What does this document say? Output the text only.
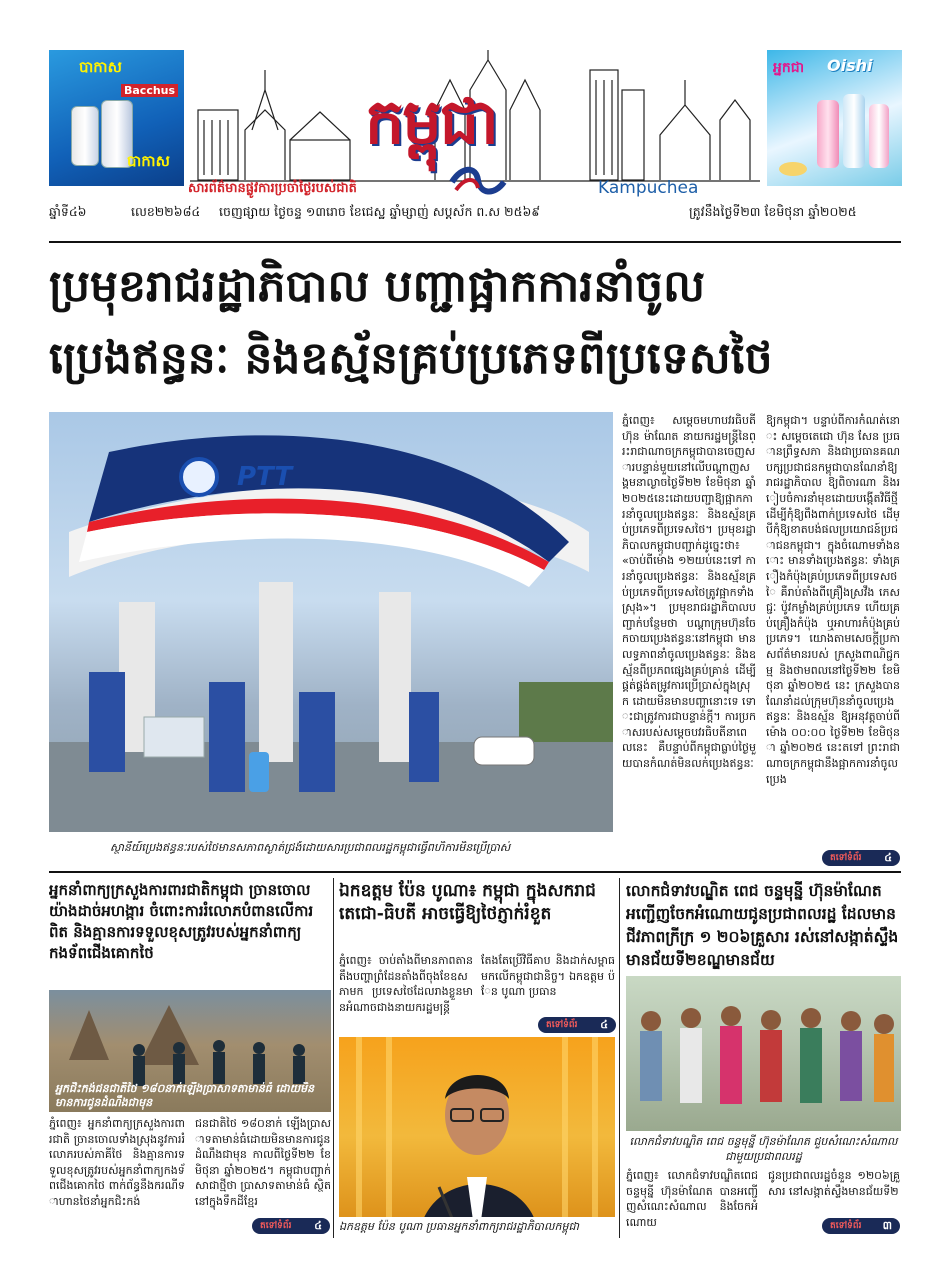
បាកាស
Bacchus
បាកាស
អ្នកជា Oishi
កម្ពុជា
សារព័ត៌មានផ្លូវការប្រចាំថ្ងៃរបស់ជាតិ	Kampuchea
ឆ្នាំទី៤៦	លេខ២២៦៨៤ ចេញផ្សាយ ថ្ងៃចន្ទ ១៣រោច ខែជេស្ឋ ឆ្នាំម្សាញ់ សប្តស័ក ព.ស ២៥៦៩	ត្រូវនឹងថ្ងៃទី២៣ ខែមិថុនា ឆ្នាំ២០២៥
ប្រមុខរាជរដ្ឋាភិបាល បញ្ជាផ្អាកការនាំចូល
ប្រេងឥន្ធនៈ និងឧស្ម័នគ្រប់ប្រភេទពីប្រទេសថៃ
PTT
ស្ថានីយ៍ប្រេងឥន្ធនៈរបស់ថៃមានសភាពស្ងាត់ជ្រងំដោយសារប្រជាពលរដ្ឋកម្ពុជាធ្វើពហិការមិនប្រើប្រាស់
ភ្នំពេញ៖ សម្តេចមហាបវរធិបតី ហ៊ុន ម៉ាណែត នាយករដ្ឋមន្ត្រីនៃព្រះរាជាណាចក្រកម្ពុជាបានចេញសារបន្ទាន់មួយនៅលើបណ្តាញសង្គមនាល្ងាចថ្ងៃទី២២ ខែមិថុនា ឆ្នាំ២០២៥នេះដោយបញ្ជាឱ្យផ្អាកការនាំចូលប្រេងឥន្ធនៈ និងឧស្ម័នគ្រប់ប្រភេទពីប្រទេសថៃ។ ប្រមុខរដ្ឋាភិបាលកម្ពុជាបញ្ជាក់ដូច្នេះថា៖ «ចាប់ពីម៉ោង ១២យប់នេះទៅ ការនាំចូលប្រេងឥន្ធនៈ និងឧស្ម័នគ្រប់ប្រភេទពីប្រទេសថៃត្រូវផ្អាកទាំងស្រុង»។ ប្រមុខរាជរដ្ឋាភិបាលបញ្ជាក់បន្ថែមថា បណ្តាក្រុមហ៊ុនចែកចាយប្រេងឥន្ធនៈនៅកម្ពុជា មានលទ្ធភាពនាំចូលប្រេងឥន្ធនៈ និងឧស្ម័នពីប្រភពផ្សេងគ្រប់គ្រាន់ ដើម្បីផ្គត់ផ្គង់តម្រូវការប្រើប្រាស់ក្នុងស្រុក ដោយមិនមានបញ្ហានោះទេ ទោះជាត្រូវការជាបន្ទាន់ក្តី។ ការប្រកាសរបស់សម្តេចបវរធិបតីនាពេលនេះ គឺបន្ទាប់ពីកម្ពុជាធ្លាប់ថ្ងៃមួយបានកំណត់មិនលក់ប្រេងឥន្ធនៈ
ឱ្យកម្ពុជា។ បន្ទាប់ពីការកំណត់នោះ សម្តេចតេជោ ហ៊ុន សែន ប្រធានព្រឹទ្ធសភា និងជាប្រធានគណបក្សប្រជាជនកម្ពុជាបានណែនាំឱ្យរាជរដ្ឋាភិបាល ឱ្យពិចារណា និងរៀបចំការនាំមុខដោយបង្កើតវិធីថ្មី ដើម្បីកុំឱ្យពឹងពាក់ប្រទេសថៃ ដើម្បីកុំឱ្យខាតបង់ផលប្រយោជន៍ប្រជាជនកម្ពុជា។ ក្នុងចំណោមទាំងនោះ មានទាំងប្រេងឥន្ធនៈ ទាំងគ្រឿងកំប៉ុងគ្រប់ប្រភេទពីប្រទេសថៃ គឺរាប់តាំងពីគ្រឿងស្រវឹង ភេសជ្ជៈ ប៉ូវកម្លាំងគ្រប់ប្រភេទ ហើយគ្រប់គ្រឿងកំប៉ុង ឬអាហារកំប៉ុងគ្រប់ប្រភេទ។ យោងតាមសេចក្តីប្រកាសព័ត៌មានរបស់ ក្រសួងពាណិជ្ជកម្ម និងថាមពលនៅថ្ងៃទី២២ ខែមិថុនា ឆ្នាំ២០២៥ នេះ ក្រសួងបានណែនាំដល់ក្រុមហ៊ុននាំចូលប្រេងឥន្ធនៈ និងឧស្ម័ន ឱ្យអនុវត្តចាប់ពីម៉ោង ០០:០០ ថ្ងៃទី២២ ខែមិថុនា ឆ្នាំ២០២៥ នេះតទៅ ព្រះរាជាណាចក្រកម្ពុជានឹងផ្អាកការនាំចូលប្រេង
តទៅទំព័រ ៤
អ្នកនាំពាក្យក្រសួងការពារជាតិកម្ពុជា ច្រានចោលយ៉ាងដាច់អហង្ការ ចំពោះការរំលោភបំពានលើការពិត និងគ្មានការទទួលខុសត្រូវរបស់អ្នកនាំពាក្យកងទ័ពជើងគោកថៃ
អ្នកជិះកង់ជនជាតិថៃ ១៨០នាក់ឡើងប្រាសាទតាមាន់ធំ ដោយមិនមានការជូនដំណឹងជាមុន
ភ្នំពេញ៖ អ្នកនាំពាក្យក្រសួងការពារជាតិ ច្រានចោលទាំងស្រុងនូវការរំលោភរបស់ភាគីថៃ និងគ្មានការទទួលខុសត្រូវរបស់អ្នកនាំពាក្យកងទ័ពជើងគោកថៃ ពាក់ព័ន្ធនឹងករណីទាហានថៃនាំអ្នកជិះកង់
ជនជាតិថៃ ១៨០នាក់ ឡើងប្រាសាទតាមាន់ធំដោយមិនមានការជូនដំណឹងជាមុន កាលពីថ្ងៃទី២២ ខែមិថុនា ឆ្នាំ២០២៥។ កម្ពុជាបញ្ជាក់សាជាថ្មីថា ប្រាសាទតាមាន់ធំ ស្ថិតនៅក្នុងទឹកដីខ្មែរ
តទៅទំព័រ ៤
ឯកឧត្តម ប៉ែន បូណា៖ កម្ពុជា ក្នុងសករាជ តេជោ-ធិបតី អាចធ្វើឱ្យថៃភ្ញាក់រំខួត
ភ្នំពេញ៖ ចាប់តាំងពីមានភាពតានតឹងបញ្ហាព្រំដែនតាំងពីចុងខែឧសភាមក ប្រទេសថៃដែលរាងខ្លួនមានអំណាចជាងនាយករដ្ឋមន្ត្រី
តែងតែប្រើវិធីគាប និងដាក់សម្ពាធមកលើកម្ពុជាជានិច្ច។ ឯកឧត្តម ប៉ែន បូណា ប្រធាន
តទៅទំព័រ ៤
ឯកឧត្តម ប៉ែន បូណា ប្រធានអ្នកនាំពាក្យរាជរដ្ឋាភិបាលកម្ពុជា
លោកជំទាវបណ្ឌិត ពេជ ចន្ទមុន្នី ហ៊ុនម៉ាណែត អញ្ជើញចែកអំណោយជូនប្រជាពលរដ្ឋ ដែលមានជីវភាពក្រីក្រ ១ ២០៦គ្រួសារ រស់នៅសង្កាត់ស្ទឹងមានជ័យទី២ខណ្ឌមានជ័យ
លោកជំទាវបណ្ឌិត ពេជ ចន្ទមុន្នី ហ៊ុនម៉ាណែត ជួបសំណេះសំណាលជាមួយប្រជាពលរដ្ឋ
ភ្នំពេញ៖ លោកជំទាវបណ្ឌិតពេជ ចន្ទមុន្នី ហ៊ុនម៉ាណែត បានអញ្ជើញសំណេះសំណាល និងចែកអំណោយ
ជូនប្រជាពលរដ្ឋចំនួន ១២០៦គ្រួសារ នៅសង្កាត់ស្ទឹងមានជ័យទី២
តទៅទំព័រ ៣
